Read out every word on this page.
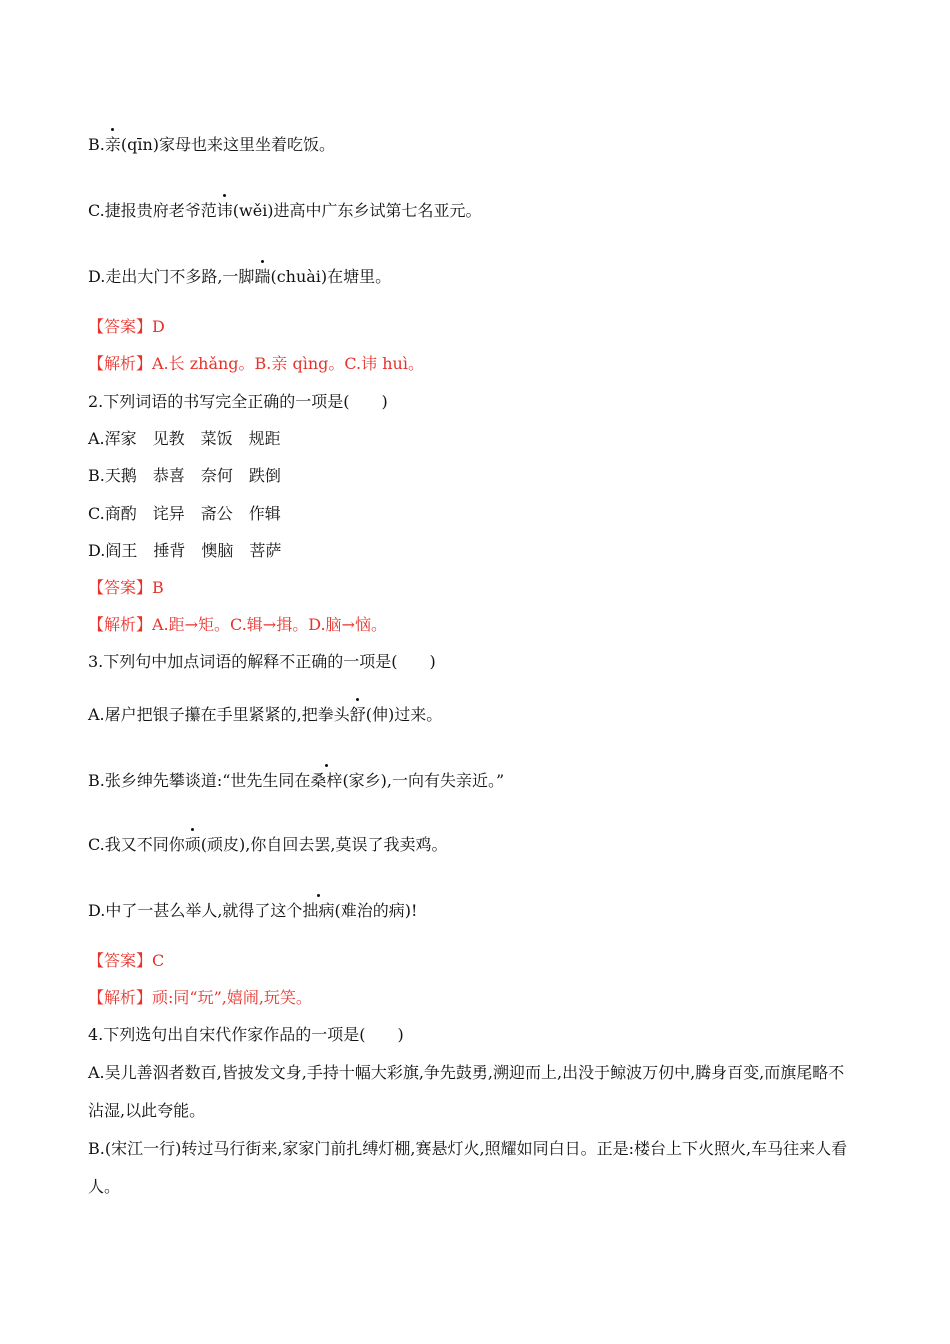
B.亲(qīn)家母也来这里坐着吃饭。
C.捷报贵府老爷范讳(wěi)进高中广东乡试第七名亚元。
D.走出大门不多路,一脚踹(chuài)在塘里。
【答案】D
【解析】A.长 zhǎng。B.亲 qìng。C.讳 huì。
2.下列词语的书写完全正确的一项是(　　)
A.浑家　见教　菜饭　规距
B.天鹅　恭喜　奈何　跌倒
C.商酌　诧异　斋公　作辑
D.阎王　捶背　懊脑　菩萨
【答案】B
【解析】A.距→矩。C.辑→揖。D.脑→恼。
3.下列句中加点词语的解释不正确的一项是(　　)
A.屠户把银子攥在手里紧紧的,把拳头舒(伸)过来。
B.张乡绅先攀谈道:“世先生同在桑梓(家乡),一向有失亲近。”
C.我又不同你顽(顽皮),你自回去罢,莫误了我卖鸡。
D.中了一甚么举人,就得了这个拙病(难治的病)!
【答案】C
【解析】顽:同“玩”,嬉闹,玩笑。
4.下列选句出自宋代作家作品的一项是(　　)
A.吴儿善泅者数百,皆披发文身,手持十幅大彩旗,争先鼓勇,溯迎而上,出没于鲸波万仞中,腾身百变,而旗尾略不沾湿,以此夸能。
B.(宋江一行)转过马行街来,家家门前扎缚灯棚,赛悬灯火,照耀如同白日。正是:楼台上下火照火,车马往来人看人。
